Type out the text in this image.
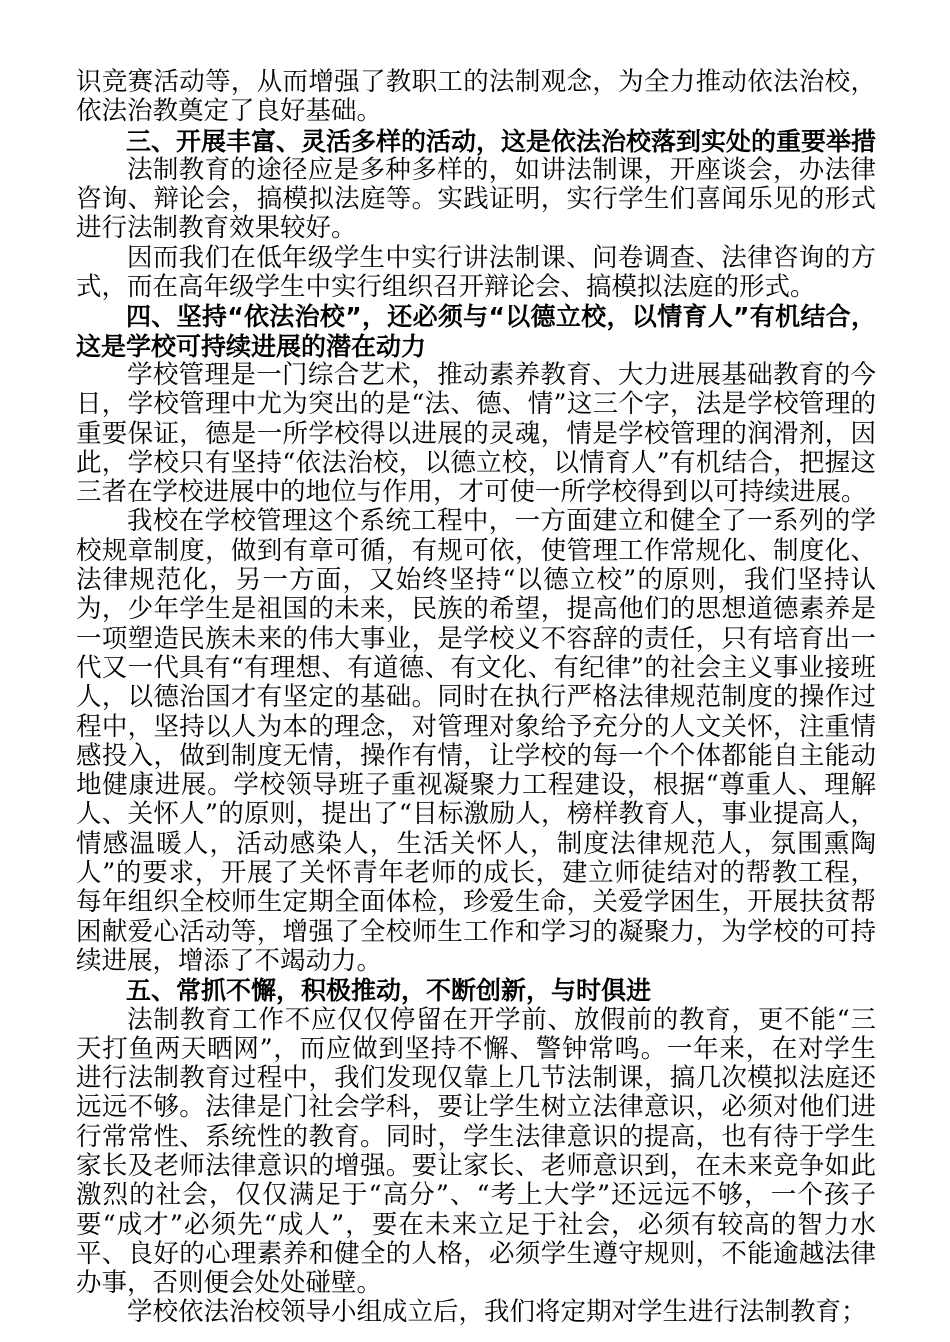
识竞赛活动等，从而增强了教职工的法制观念，为全力推动依法治校，依法治教奠定了良好基础。

三、开展丰富、灵活多样的活动，这是依法治校落到实处的重要举措

法制教育的途径应是多种多样的，如讲法制课，开座谈会，办法律咨询、辩论会，搞模拟法庭等。实践证明，实行学生们喜闻乐见的形式进行法制教育效果较好。

因而我们在低年级学生中实行讲法制课、问卷调查、法律咨询的方式，而在高年级学生中实行组织召开辩论会、搞模拟法庭的形式。

四、坚持“依法治校”，还必须与“以德立校，以情育人”有机结合，这是学校可持续进展的潜在动力

学校管理是一门综合艺术，推动素养教育、大力进展基础教育的今日，学校管理中尤为突出的是“法、德、情”这三个字，法是学校管理的重要保证，德是一所学校得以进展的灵魂，情是学校管理的润滑剂，因此，学校只有坚持“依法治校，以德立校，以情育人”有机结合，把握这三者在学校进展中的地位与作用，才可使一所学校得到以可持续进展。

我校在学校管理这个系统工程中，一方面建立和健全了一系列的学校规章制度，做到有章可循，有规可依，使管理工作常规化、制度化、法律规范化，另一方面，又始终坚持“以德立校”的原则，我们坚持认为，少年学生是祖国的未来，民族的希望，提高他们的思想道德素养是一项塑造民族未来的伟大事业，是学校义不容辞的责任，只有培育出一代又一代具有“有理想、有道德、有文化、有纪律”的社会主义事业接班人，以德治国才有坚定的基础。同时在执行严格法律规范制度的操作过程中，坚持以人为本的理念，对管理对象给予充分的人文关怀，注重情感投入，做到制度无情，操作有情，让学校的每一个个体都能自主能动地健康进展。学校领导班子重视凝聚力工程建设，根据“尊重人、理解人、关怀人”的原则，提出了“目标激励人，榜样教育人，事业提高人，情感温暖人，活动感染人，生活关怀人，制度法律规范人，氛围熏陶人”的要求，开展了关怀青年老师的成长，建立师徒结对的帮教工程，每年组织全校师生定期全面体检，珍爱生命，关爱学困生，开展扶贫帮困献爱心活动等，增强了全校师生工作和学习的凝聚力，为学校的可持续进展，增添了不竭动力。

五、常抓不懈，积极推动，不断创新，与时俱进

法制教育工作不应仅仅停留在开学前、放假前的教育，更不能“三天打鱼两天晒网”，而应做到坚持不懈、警钟常鸣。一年来，在对学生进行法制教育过程中，我们发现仅靠上几节法制课，搞几次模拟法庭还远远不够。法律是门社会学科，要让学生树立法律意识，必须对他们进行常常性、系统性的教育。同时，学生法律意识的提高，也有待于学生家长及老师法律意识的增强。要让家长、老师意识到，在未来竞争如此激烈的社会，仅仅满足于“高分”、“考上大学”还远远不够，一个孩子要“成才”必须先“成人”，要在未来立足于社会，必须有较高的智力水平、良好的心理素养和健全的人格，必须学生遵守规则，不能逾越法律办事，否则便会处处碰壁。

学校依法治校领导小组成立后，我们将定期对学生进行法制教育；
